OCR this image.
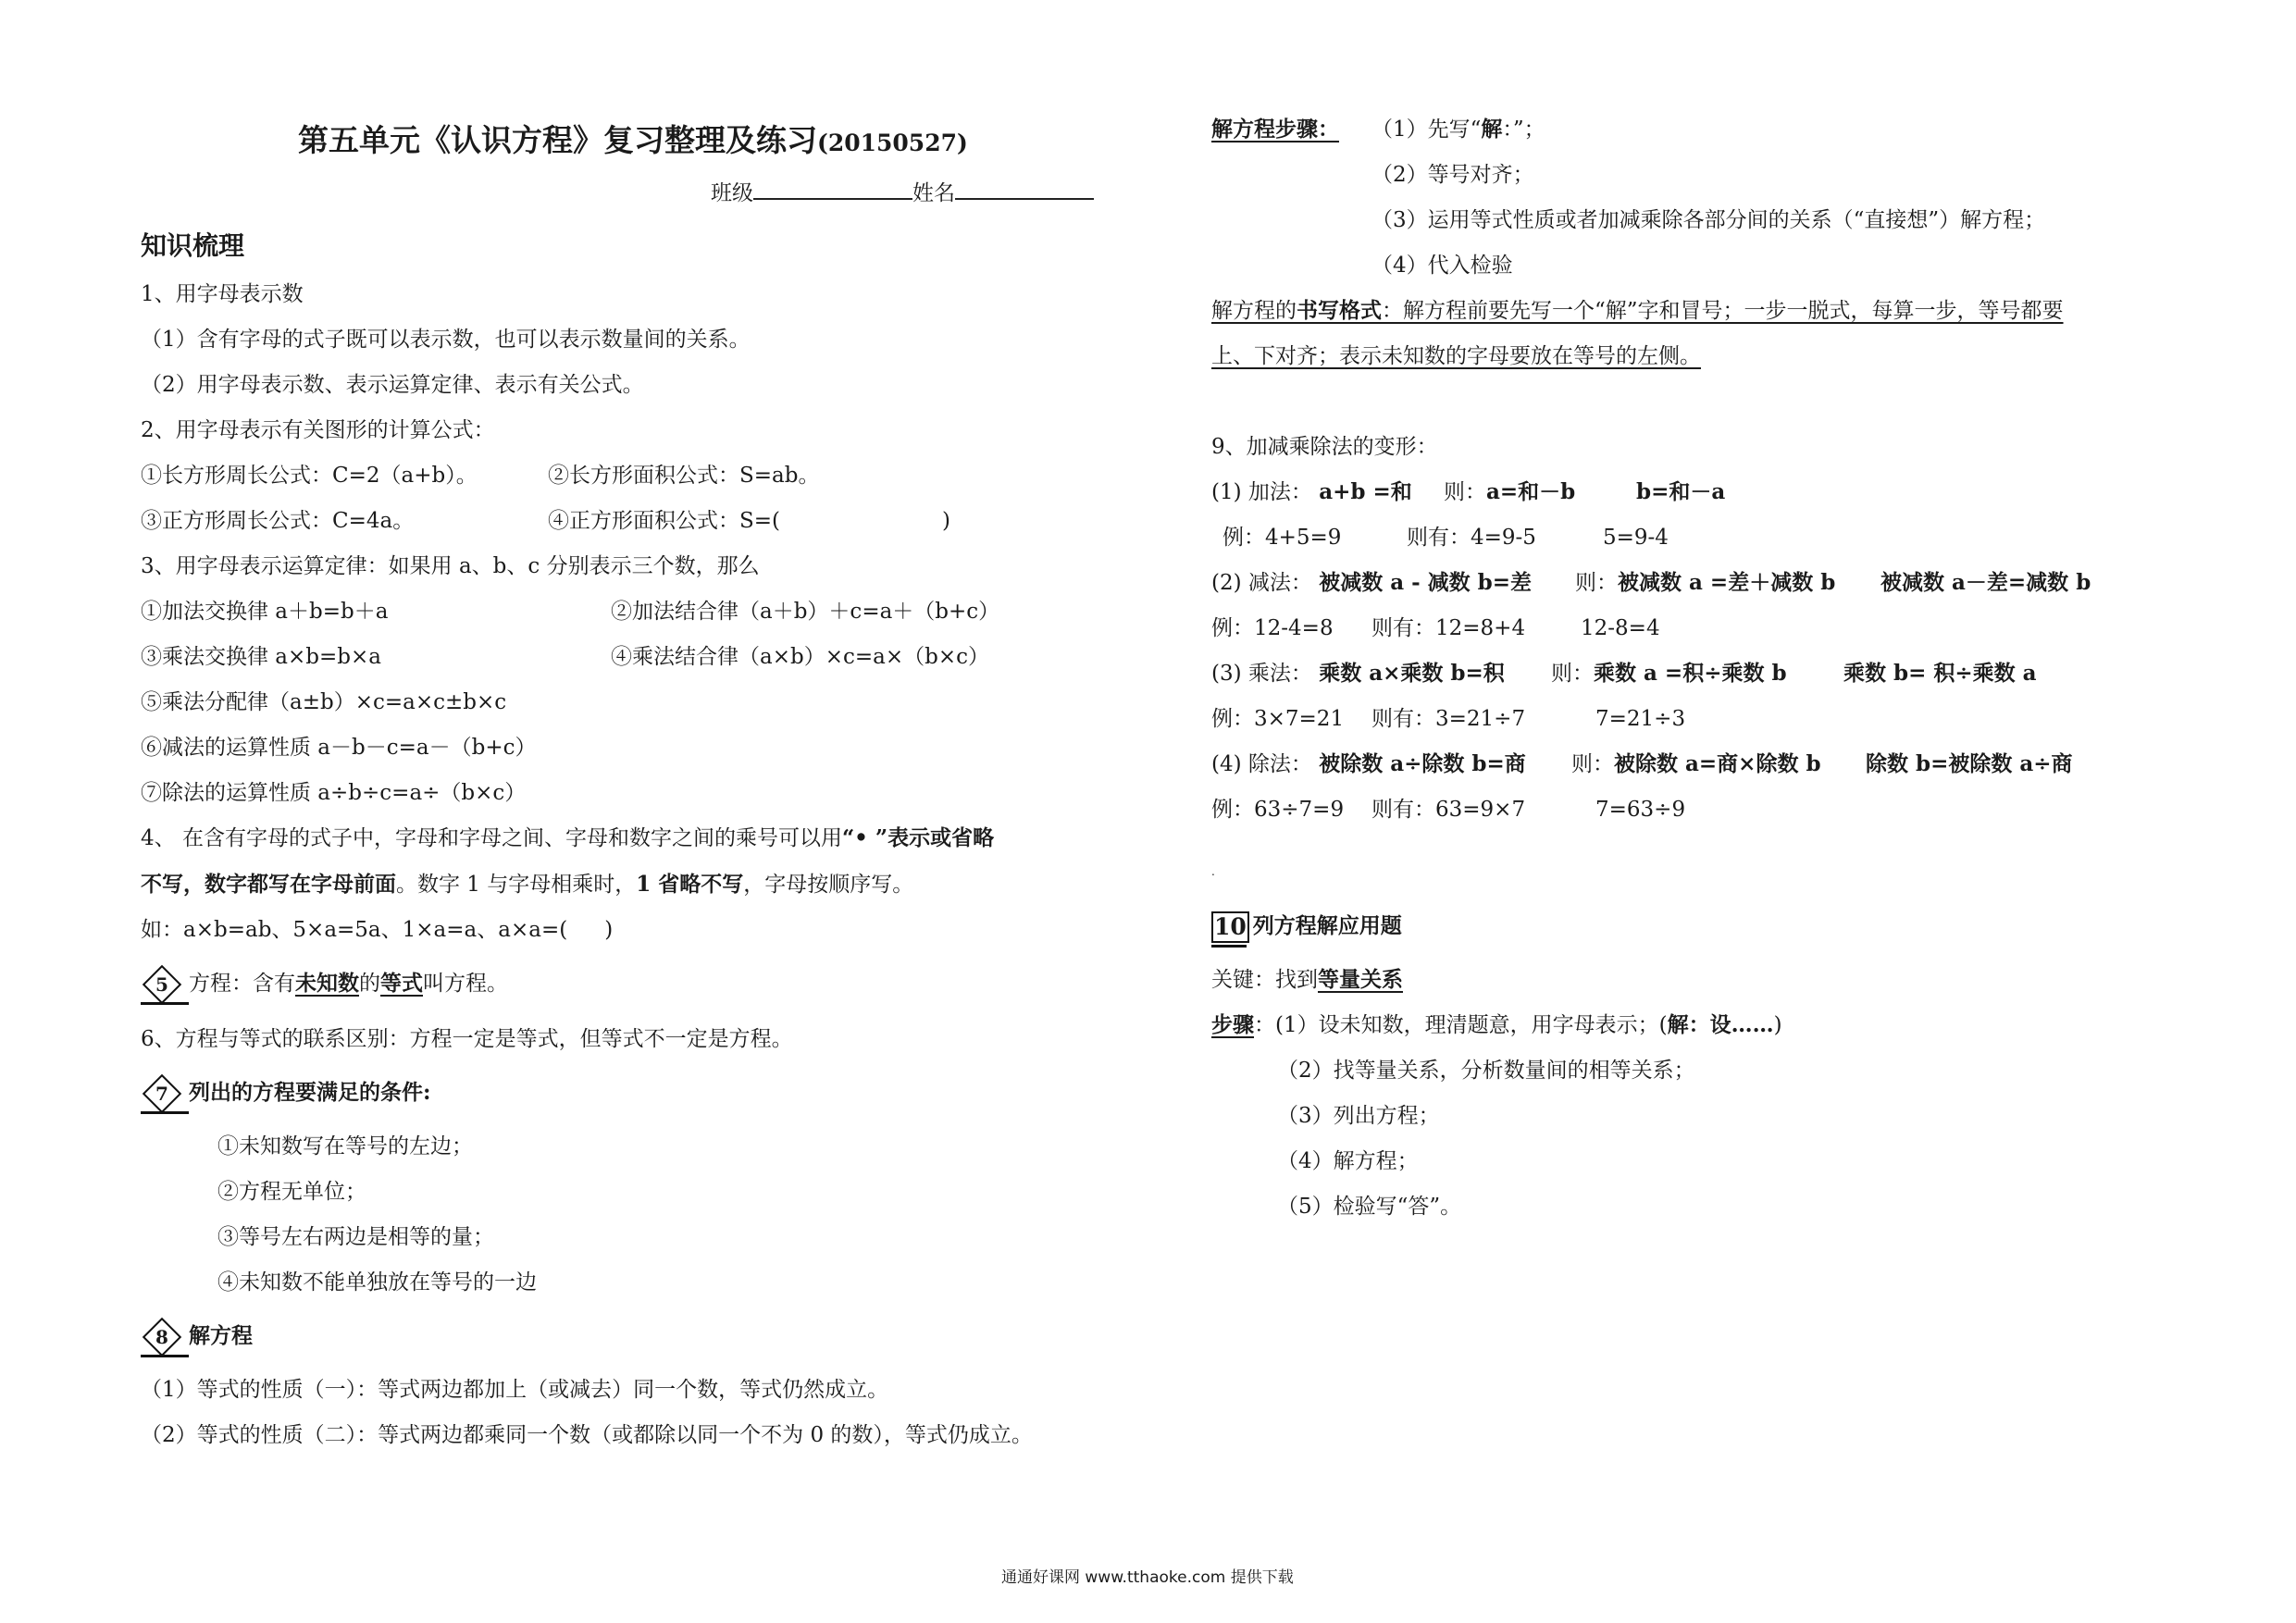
第五单元《认识方程》复习整理及练习(20150527)
班级	姓名
知识梳理
1、用字母表示数
（1）含有字母的式子既可以表示数，也可以表示数量间的关系。
（2）用字母表示数、表示运算定律、表示有关公式。
2、用字母表示有关图形的计算公式：
①长方形周长公式：C=2（a+b）。	②长方形面积公式：S=ab。
③正方形周长公式：C=4a。	④正方形面积公式：S=(	)
3、用字母表示运算定律：如果用 a、b、c 分别表示三个数，那么
①加法交换律 a＋b=b＋a	②加法结合律（a＋b）＋c=a＋（b+c）
③乘法交换律 a×b=b×a	④乘法结合律（a×b）×c=a×（b×c）
⑤乘法分配律（a±b）×c=a×c±b×c
⑥减法的运算性质 a－b－c=a－（b+c）
⑦除法的运算性质 a÷b÷c=a÷（b×c）
4、 在含有字母的式子中，字母和字母之间、字母和数字之间的乘号可以用“• ”表示或省略
不写，数字都写在字母前面。数字 1 与字母相乘时，1 省略不写，字母按顺序写。
如：a×b=ab、5×a=5a、1×a=a、a×a=( )
5 方程：含有未知数的等式叫方程。
6、方程与等式的联系区别：方程一定是等式，但等式不一定是方程。
7 列出的方程要满足的条件:
①未知数写在等号的左边；
②方程无单位；
③等号左右两边是相等的量；
④未知数不能单独放在等号的一边
8 解方程
（1）等式的性质（一）：等式两边都加上（或减去）同一个数，等式仍然成立。
（2）等式的性质（二）：等式两边都乘同一个数（或都除以同一个不为 0 的数），等式仍成立。
解方程步骤： （1）先写“解：”；
（2）等号对齐；
（3）运用等式性质或者加减乘除各部分间的关系（“直接想”）解方程；
（4）代入检验
解方程的书写格式：解方程前要先写一个“解”字和冒号；一步一脱式，每算一步，等号都要
上、下对齐；表示未知数的字母要放在等号的左侧。
9、加减乘除法的变形：
(1) 加法： a+b =和 则：a=和－b	b=和－a
例：4+5=9	则有：4=9-5	5=9-4
(2) 减法： 被减数 a - 减数 b=差 则：被减数 a =差＋减数 b 被减数 a－差=减数 b
例：12-4=8 则有：12=8+4	12-8=4
(3) 乘法： 乘数 a×乘数 b=积 则：乘数 a =积÷乘数 b	乘数 b= 积÷乘数 a
例：3×7=21 则有：3=21÷7	7=21÷3
(4) 除法： 被除数 a÷除数 b=商 则：被除数 a=商×除数 b 除数 b=被除数 a÷商
例：63÷7=9 则有：63=9×7	7=63÷9
.
10 列方程解应用题
关键：找到等量关系
步骤：(1）设未知数，理清题意，用字母表示；(解：设……)
（2）找等量关系，分析数量间的相等关系；
（3）列出方程；
（4）解方程；
（5）检验写“答”。
通通好课网 www.tthaoke.com 提供下载
